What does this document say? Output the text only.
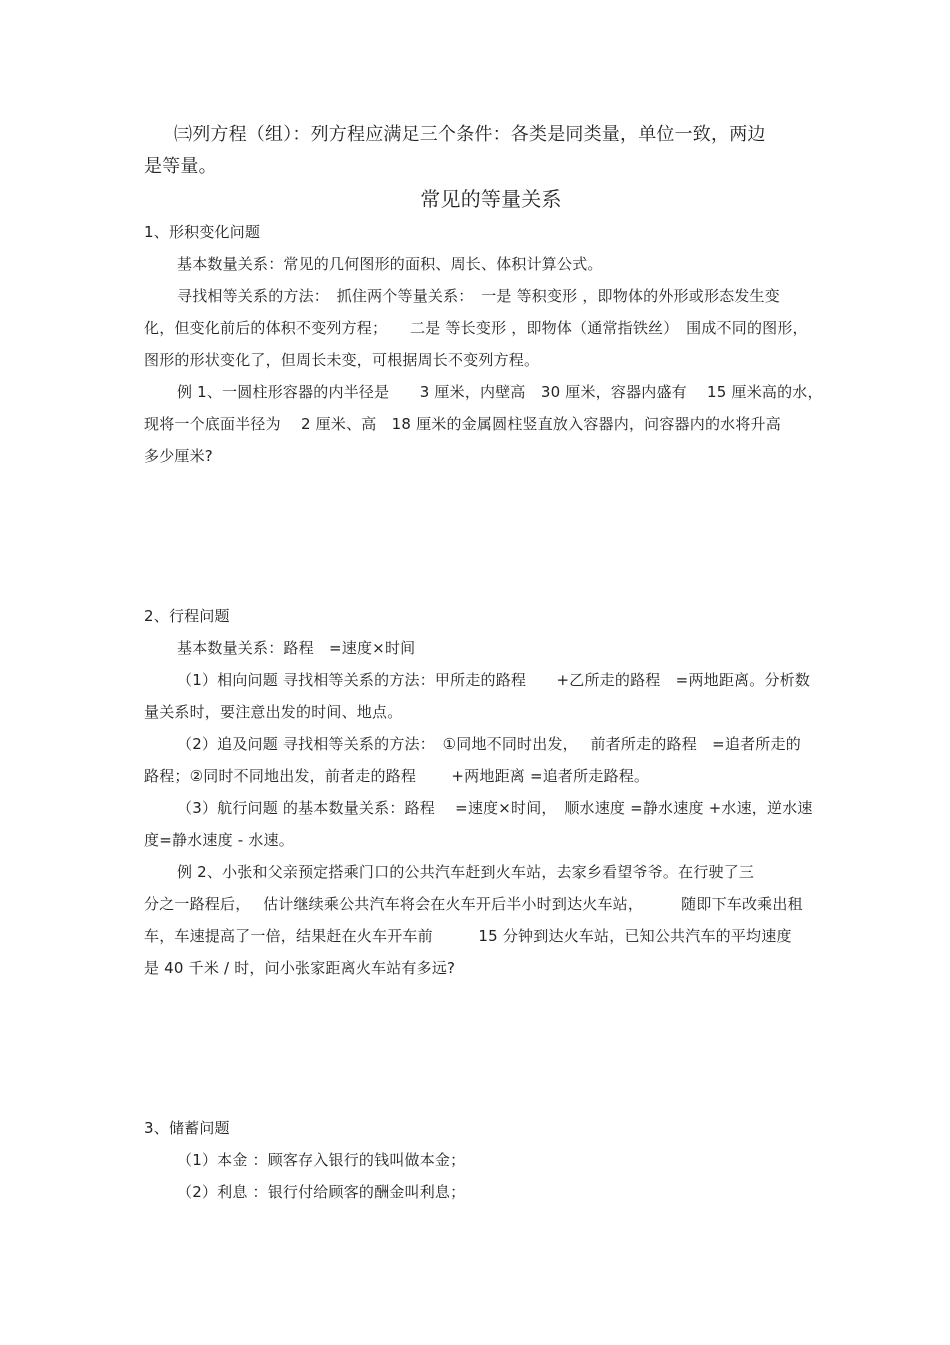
㈢列方程（组）：列方程应满足三个条件：各类是同类量，单位一致，两边
是等量。
常见的等量关系
1、形积变化问题
基本数量关系：常见的几何图形的面积、周长、体积计算公式。
寻找相等关系的方法：　抓住两个等量关系：　一是 等积变形 ，即物体的外形或形态发生变
化，但变化前后的体积不变列方程；　　二是 等长变形 ，即物体（通常指铁丝）　围成不同的图形，
图形的形状变化了，但周长未变，可根据周长不变列方程。
例 1、一圆柱形容器的内半径是　　3 厘米，内壁高　30 厘米，容器内盛有　 15 厘米高的水，
现将一个底面半径为　 2 厘米、高　18 厘米的金属圆柱竖直放入容器内，问容器内的水将升高
多少厘米?
2、行程问题
基本数量关系：路程　=速度×时间
（1）相向问题 寻找相等关系的方法：甲所走的路程　　+乙所走的路程　=两地距离。分析数
量关系时，要注意出发的时间、地点。
（2）追及问题 寻找相等关系的方法：　①同地不同时出发，　 前者所走的路程　=追者所走的
路程；②同时不同地出发，前者走的路程　　 +两地距离 =追者所走路程。
（3）航行问题 的基本数量关系：路程　 =速度×时间，　顺水速度 =静水速度 +水速，逆水速
度=静水速度 - 水速。
例 2、小张和父亲预定搭乘门口的公共汽车赶到火车站，去家乡看望爷爷。在行驶了三
分之一路程后，　 估计继续乘公共汽车将会在火车开后半小时到达火车站，　　　随即下车改乘出租
车，车速提高了一倍，结果赶在火车开车前　　　15 分钟到达火车站，已知公共汽车的平均速度
是 40 千米 / 时，问小张家距离火车站有多远?
3、储蓄问题
（1）本金 ：顾客存入银行的钱叫做本金；
（2）利息 ：银行付给顾客的酬金叫利息；
